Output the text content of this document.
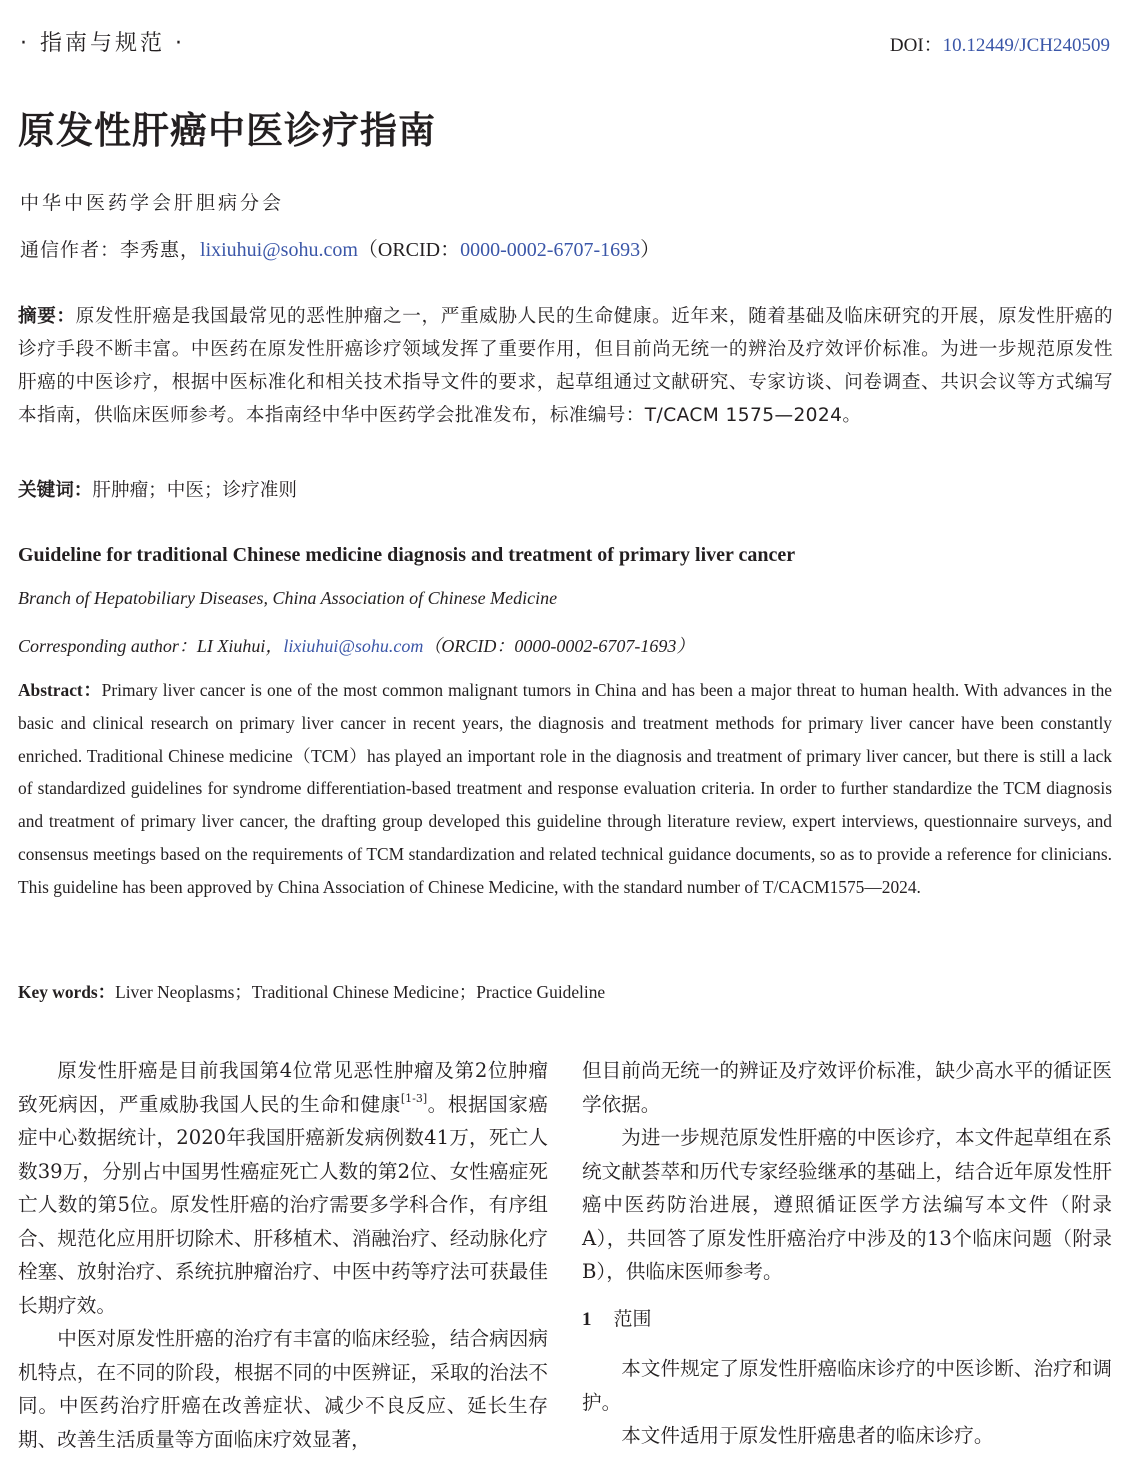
· 指南与规范 ·	DOI：10.12449/JCH240509
原发性肝癌中医诊疗指南
中华中医药学会肝胆病分会
通信作者：李秀惠，lixiuhui@sohu.com（ORCID：0000-0002-6707-1693）
摘要：原发性肝癌是我国最常见的恶性肿瘤之一，严重威胁人民的生命健康。近年来，随着基础及临床研究的开展，原发性肝癌的诊疗手段不断丰富。中医药在原发性肝癌诊疗领域发挥了重要作用，但目前尚无统一的辨治及疗效评价标准。为进一步规范原发性肝癌的中医诊疗，根据中医标准化和相关技术指导文件的要求，起草组通过文献研究、专家访谈、问卷调查、共识会议等方式编写本指南，供临床医师参考。本指南经中华中医药学会批准发布，标准编号：T/CACM 1575—2024。
关键词：肝肿瘤；中医；诊疗准则
Guideline for traditional Chinese medicine diagnosis and treatment of primary liver cancer
Branch of Hepatobiliary Diseases, China Association of Chinese Medicine
Corresponding author：LI Xiuhui，lixiuhui@sohu.com（ORCID：0000-0002-6707-1693）
Abstract：Primary liver cancer is one of the most common malignant tumors in China and has been a major threat to human health. With advances in the basic and clinical research on primary liver cancer in recent years, the diagnosis and treatment methods for primary liver cancer have been constantly enriched. Traditional Chinese medicine（TCM）has played an important role in the diagnosis and treatment of primary liver cancer, but there is still a lack of standardized guidelines for syndrome differentiation-based treatment and response evaluation criteria. In order to further standardize the TCM diagnosis and treatment of primary liver cancer, the drafting group developed this guideline through literature review, expert interviews, questionnaire surveys, and consensus meetings based on the requirements of TCM standardization and related technical guidance documents, so as to provide a reference for clinicians. This guideline has been approved by China Association of Chinese Medicine, with the standard number of T/CACM1575—2024.
Key words：Liver Neoplasms；Traditional Chinese Medicine；Practice Guideline

原发性肝癌是目前我国第4位常见恶性肿瘤及第2位肿瘤致死病因，严重威胁我国人民的生命和健康[1-3]。根据国家癌症中心数据统计，2020年我国肝癌新发病例数41万，死亡人数39万，分别占中国男性癌症死亡人数的第2位、女性癌症死亡人数的第5位。原发性肝癌的治疗需要多学科合作，有序组合、规范化应用肝切除术、肝移植术、消融治疗、经动脉化疗栓塞、放射治疗、系统抗肿瘤治疗、中医中药等疗法可获最佳长期疗效。

中医对原发性肝癌的治疗有丰富的临床经验，结合病因病机特点，在不同的阶段，根据不同的中医辨证，采取的治法不同。中医药治疗肝癌在改善症状、减少不良反应、延长生存期、改善生活质量等方面临床疗效显著，

但目前尚无统一的辨证及疗效评价标准，缺少高水平的循证医学依据。

为进一步规范原发性肝癌的中医诊疗，本文件起草组在系统文献荟萃和历代专家经验继承的基础上，结合近年原发性肝癌中医药防治进展，遵照循证医学方法编写本文件（附录A），共回答了原发性肝癌治疗中涉及的13个临床问题（附录B），供临床医师参考。

1 范围

本文件规定了原发性肝癌临床诊疗的中医诊断、治疗和调护。

本文件适用于原发性肝癌患者的临床诊疗。
